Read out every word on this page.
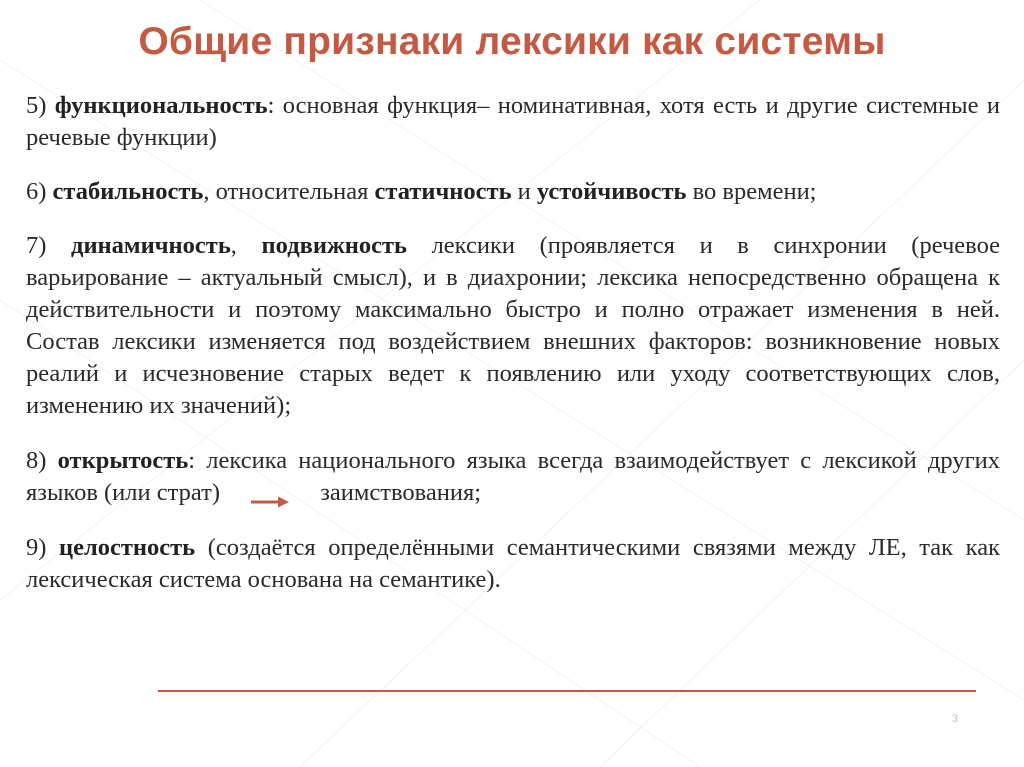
Общие признаки лексики как системы

5) функциональность: основная функция– номинативная, хотя есть и другие системные и речевые функции)

6) стабильность, относительная статичность и устойчивость во времени;

7) динамичность, подвижность лексики (проявляется и в синхронии (речевое варьирование – актуальный смысл), и в диахронии; лексика непосредственно обращена к действительности и поэтому максимально быстро и полно отражает изменения в ней. Состав лексики изменяется под воздействием внешних факторов: возникновение новых реалий и исчезновение старых ведет к появлению или уходу соответствующих слов, изменению их значений);

8) открытость: лексика национального языка всегда взаимодействует с лексикой других языков (или страт)	заимствования;

9) целостность (создаётся определёнными семантическими связями между ЛЕ, так как лексическая система основана на семантике).

3
